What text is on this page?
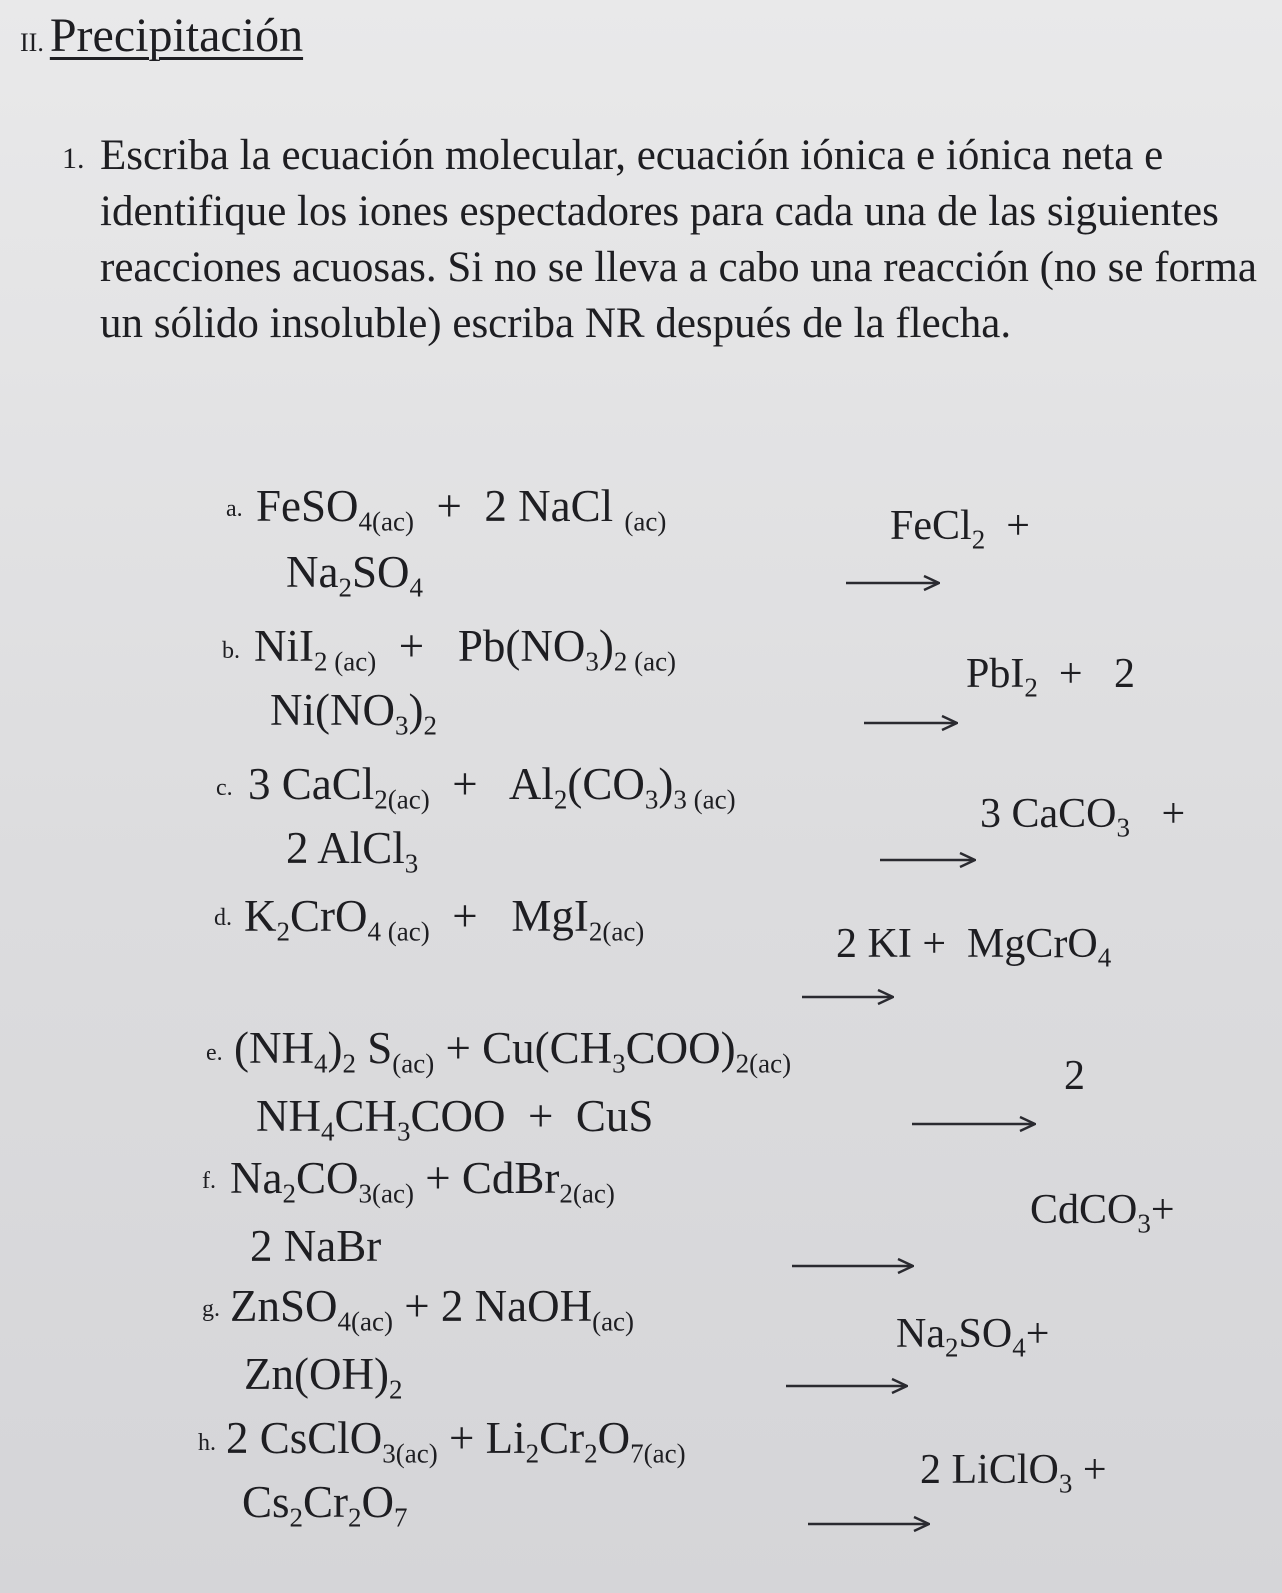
II. Precipitación
1. Escriba la ecuación molecular, ecuación iónica e iónica neta e identifique los iones espectadores para cada una de las siguientes reacciones acuosas. Si no se lleva a cabo una reacción (no se forma un sólido insoluble) escriba NR después de la flecha.

a. FeSO$_{4(ac)}$  +  2 NaCl $_{(ac)}$
$Na_2SO_4$
FeCl$_2$  +
b. $NiI_{2 (ac)} + Pb(NO_3)_{2 (ac)}$
$Ni(NO_3)_2$
PbI$_2$  +   2
c. 3 CaCl$_{2(ac)}$  +   $Al_2(CO_3)_{3 (ac)}$
2 AlCl$_3$
3 CaCO$_3$   +
d. $K_2CrO_{4 (ac)} + MgI_{2(ac)}$	2 KI +  MgCrO$_4$
e. $(NH_4)_2$ $S_{(ac)} + Cu(CH_3COO)_{2(ac)}$
$NH_4CH_3COO$  +  CuS
2
f. $Na_2CO_{3(ac)}$ + CdBr$_{2(ac)}$
2 NaBr
CdCO$_3$+
g. ZnSO$_{4(ac)}$ + 2 NaOH$_{(ac)}$
$Zn(OH)_2$
$Na_2SO_4+$
h. 2 CsClO$_{3(ac)}$ + $Li_2Cr_2O_{7(ac)}$
$Cs_2Cr_2O_7$
2 LiClO$_3$ +
